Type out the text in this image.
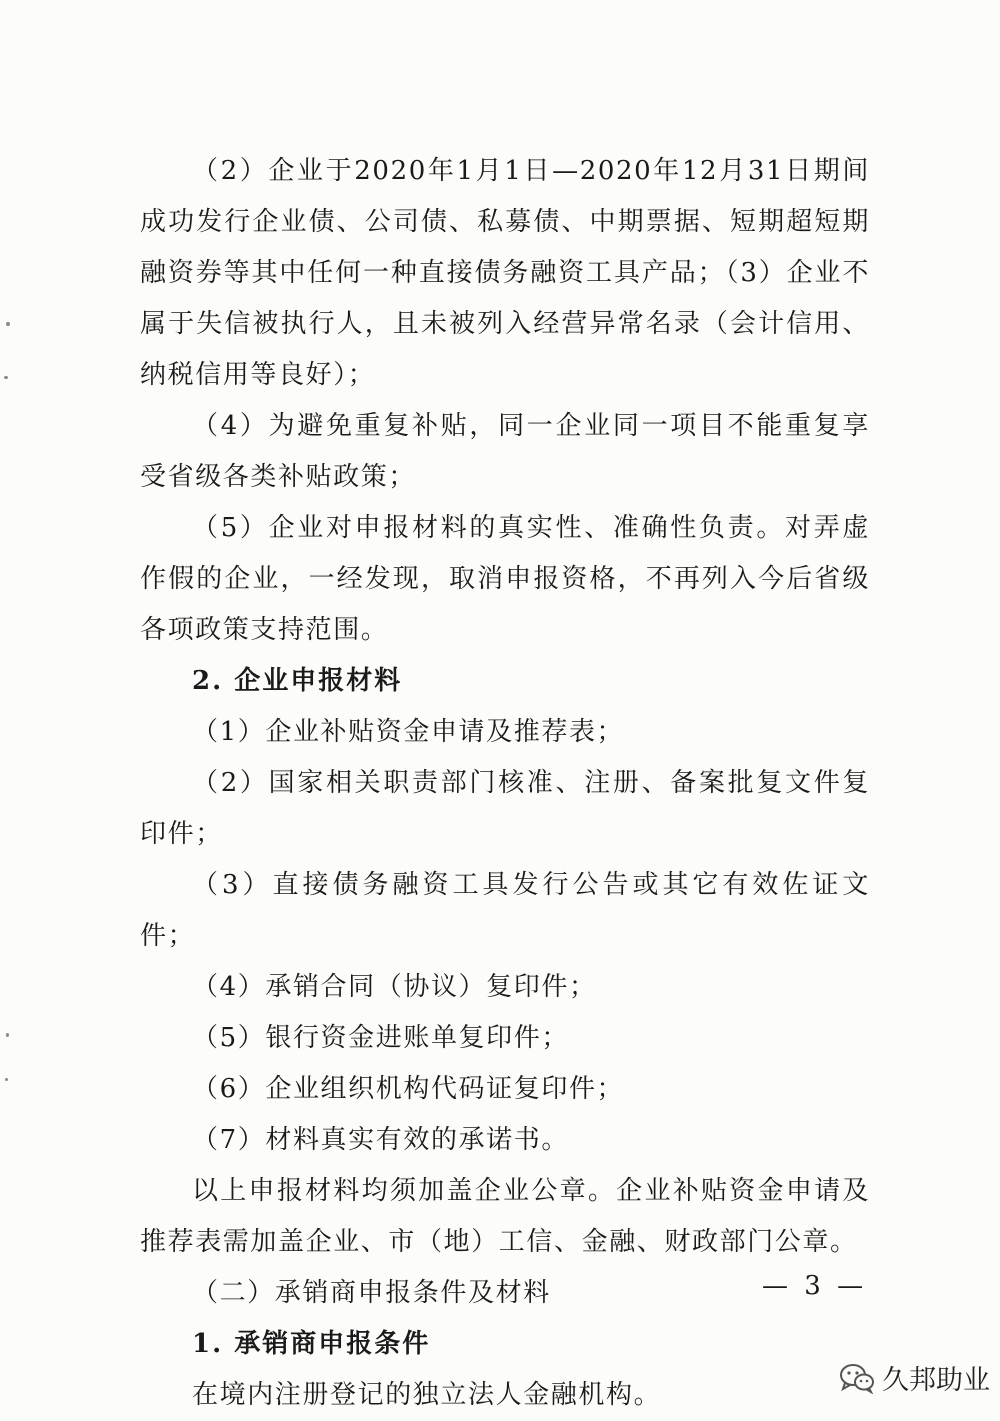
（2）企业于2020年1月1日—2020年12月31日期间成功发行企业债、公司债、私募债、中期票据、短期超短期融资券等其中任何一种直接债务融资工具产品；（3）企业不属于失信被执行人，且未被列入经营异常名录（会计信用、纳税信用等良好）；

（4）为避免重复补贴，同一企业同一项目不能重复享受省级各类补贴政策；

（5）企业对申报材料的真实性、准确性负责。对弄虚作假的企业，一经发现，取消申报资格，不再列入今后省级各项政策支持范围。

2. 企业申报材料

（1）企业补贴资金申请及推荐表；

（2）国家相关职责部门核准、注册、备案批复文件复印件；

（3）直接债务融资工具发行公告或其它有效佐证文件；

（4）承销合同（协议）复印件；

（5）银行资金进账单复印件；

（6）企业组织机构代码证复印件；

（7）材料真实有效的承诺书。

以上申报材料均须加盖企业公章。企业补贴资金申请及推荐表需加盖企业、市（地）工信、金融、财政部门公章。

（二）承销商申报条件及材料

1. 承销商申报条件

在境内注册登记的独立法人金融机构。

— 3 —
久邦助业
